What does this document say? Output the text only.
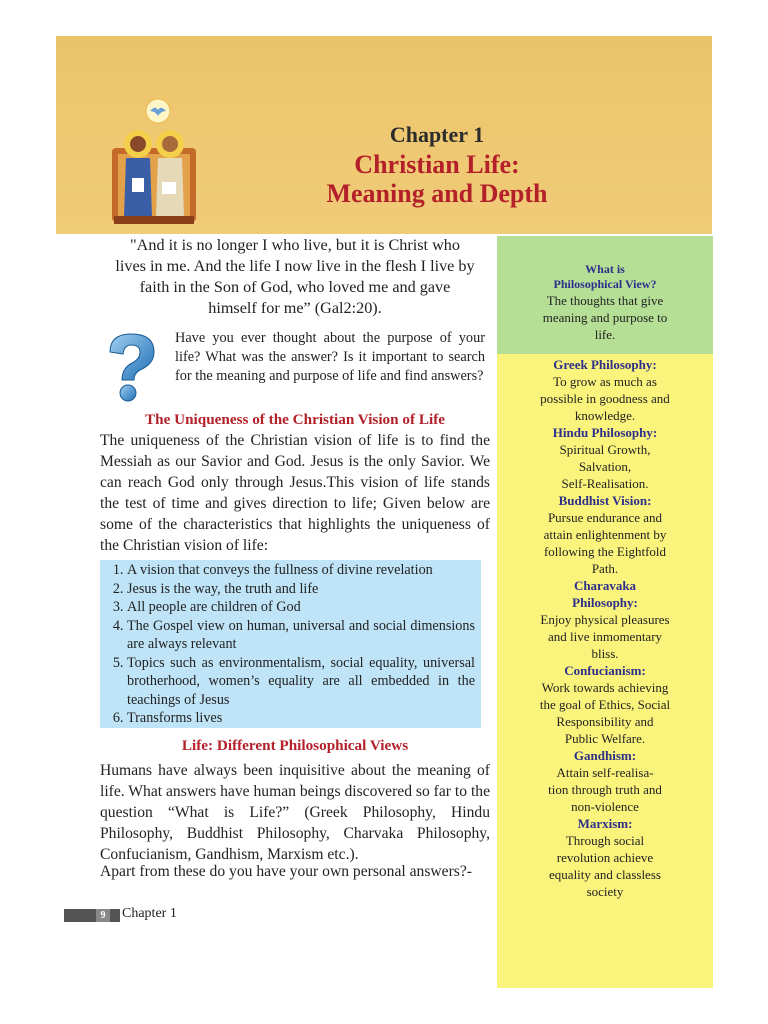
Chapter 1
Christian Life:
Meaning and Depth
"And it is no longer I who live, but it is Christ who
lives in me. And the life I now live in the flesh I live by
faith in the Son of God, who loved me and gave
himself for me” (Gal2:20).
Have you ever thought about the purpose of your life? What was the answer? Is it important to search for the meaning and purpose of life and find answers?
The Uniqueness of the Christian Vision of Life

The uniqueness of the Christian vision of life is to find the Messiah as our Savior and God. Jesus is the only Savior. We can reach God only through Jesus.This vision of life stands the test of time and gives direction to life; Given below are some of the characteristics that highlights the uniqueness of the Christian vision of life:

1. A vision that conveys the fullness of divine revelation
2. Jesus is the way, the truth and life
3. All people are children of God
4. The Gospel view on human, universal and social dimensions are always relevant
5. Topics such as environmentalism, social equality, universal brotherhood, women’s equality are all embedded in the teachings of Jesus
6. Transforms lives
Life: Different Philosophical Views

Humans have always been inquisitive about the meaning of life. What answers have human beings discovered so far to the question “What is Life?” (Greek Philosophy, Hindu Philosophy, Buddhist Philosophy, Charvaka Philosophy, Confucianism, Gandhism, Marxism etc.).

Apart from these do you have your own personal answers?-

What is
Philosophical View?
The thoughts that give
meaning and purpose to
life.
Greek Philosophy:
To grow as much as
possible in goodness and
knowledge.
Hindu Philosophy:
Spiritual Growth,
Salvation,
Self-Realisation.
Buddhist Vision:
Pursue endurance and
attain enlightenment by
following the Eightfold
Path.
Charavaka
Philosophy:
Enjoy physical pleasures
and live inmomentary
bliss.
Confucianism:
Work towards achieving
the goal of Ethics, Social
Responsibility and
Public Welfare.
Gandhism:
Attain self-realisa-
tion through truth and
non-violence
Marxism:
Through social
revolution achieve
equality and classless
society
9	Chapter 1
